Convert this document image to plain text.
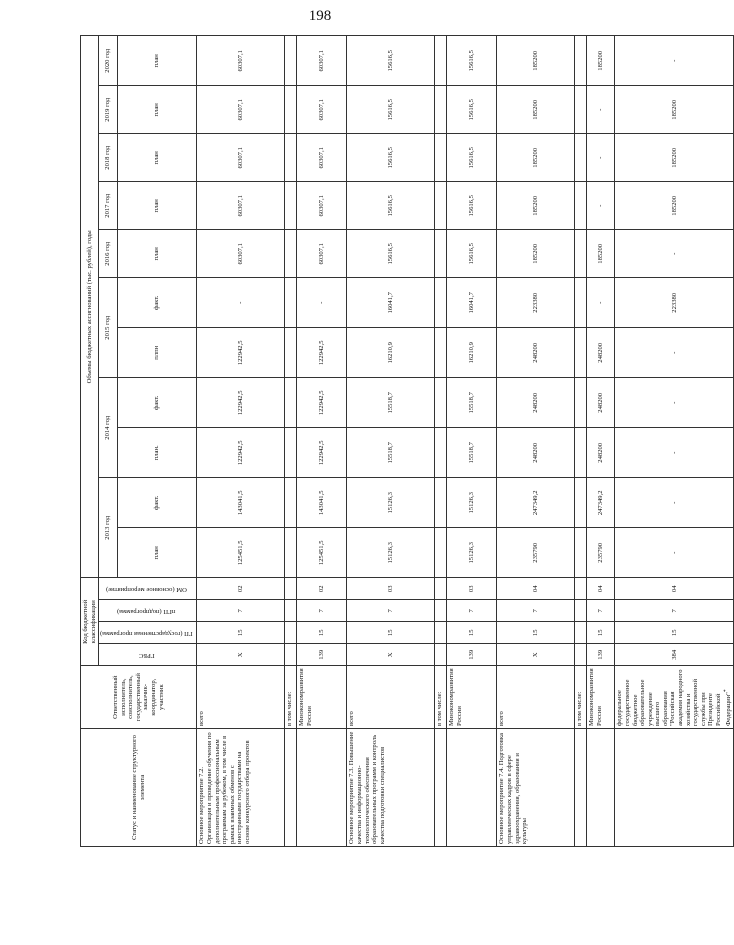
198
Статус и наименование структурного элемента	Ответственный исполнитель, соисполнитель, государственный заказчик-координатор, участник	Код бюджетной классификации				Объемы бюджетных ассигнований (тыс. рублей), годы										
		ГРБС	ГП (государственная программа)	пГП (подпрограмма)	ОМ (основное мероприятие)	2013 год		2014 год		2015 год		2016 год	2017 год	2018 год	2019 год	2020 год
						план	факт.	план.	факт.	плпн	факт.	план	план	план	план	план
Основное мероприятие 7.2. Организация и проведение обучения по дополнительным профессиональным программам за рубежом, в том числе в рамках взаимных обменов с иностранными государствами на основе конкурсного отбора проектов	всего	X	15	7	02	125451,5	143041,5	122942,5	122942,5	122942,5	-	60307,1	60307,1	60307,1	60307,1	60307,1
	в том числе:															
	Минэкономразвития России	139	15	7	02	125451,5	143041,5	122942,5	122942,5	122942,5	-	60307,1	60307,1	60307,1	60307,1	60307,1
Основное мероприятие 7.3. Повышение качества и информационно-технологического обеспечения образовательных программ и контроль качества подготовки специалистов	всего	X	15	7	03	15126,3	15126,3	15518,7	15518,7	16210,9	16041,7	15616,5	15616,5	15616,5	15616,5	15616,5
	в том числе:															
	Минэкономразвития России	139	15	7	03	15126,3	15126,3	15518,7	15518,7	16210,9	16041,7	15616,5	15616,5	15616,5	15616,5	15616,5
Основное мероприятие 7.4. Подготовка управленческих кадров в сфере здравоохранения, образования и культуры	всего	X	15	7	04	235790	247349,2	248200	248200	248200	223380	185200	185200	185200	185200	185200
	в том числе:															
	Минэкономразвития России	139	15	7	04	235790	247349,2	248200	248200	248200	-	185200	-	-	-	185200
	федеральное государственное бюджетное образовательное учреждение высшего образования "Российская академия народного хозяйства и государственной службы при Президенте Российской Федерации"*	384	15	7	04	-	-	-	-	-	223380	-	185200	185200	185200	-
